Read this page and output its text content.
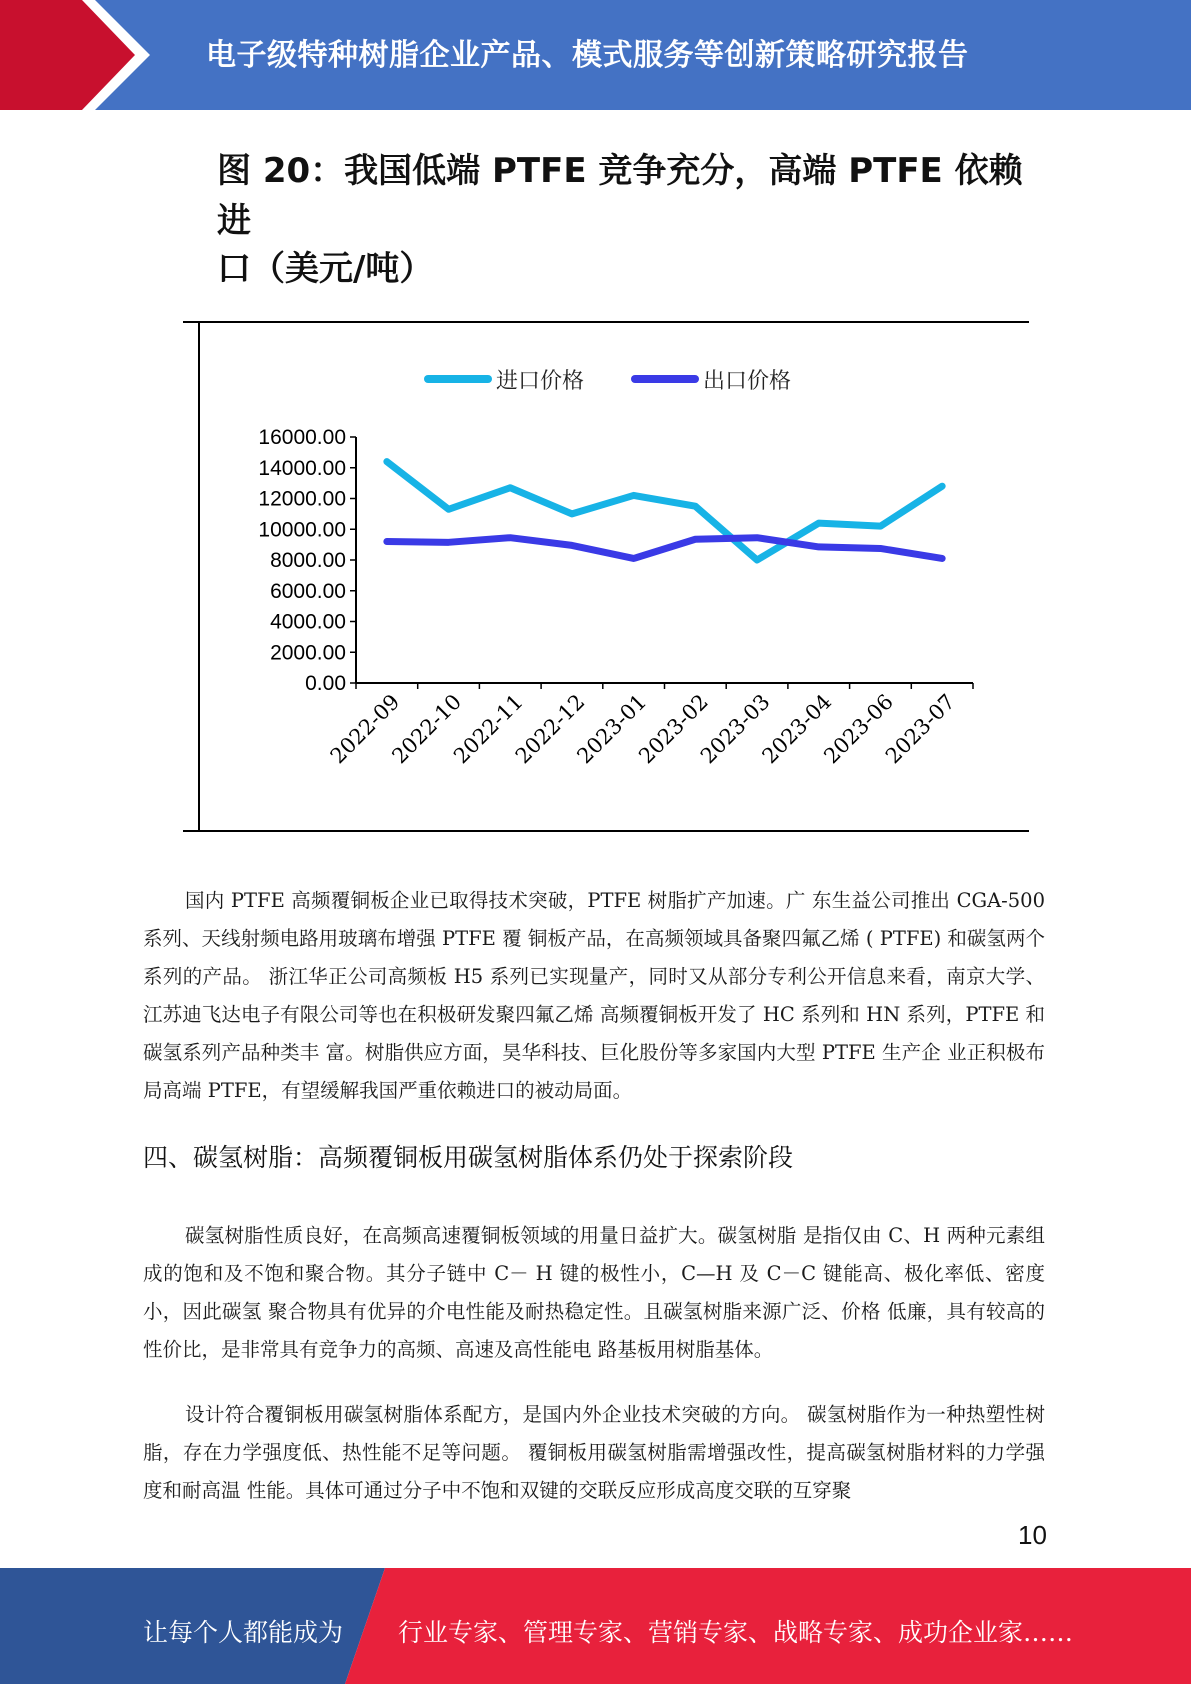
电子级特种树脂企业产品、模式服务等创新策略研究报告
图 20：我国低端 PTFE 竞争充分，高端 PTFE 依赖进
口（美元/吨）
16000.00
14000.00
12000.00
10000.00
8000.00
6000.00
4000.00
2000.00
0.00
2022-09
2022-10
2022-11
2022-12
2023-01
2023-02
2023-03
2023-04
2023-06
2023-07
进口价格	出口价格
国内 PTFE 高频覆铜板企业已取得技术突破，PTFE 树脂扩产加速。广 东生益公司推出 CGA-500 系列、天线射频电路用玻璃布增强 PTFE 覆 铜板产品，在高频领域具备聚四氟乙烯 ( PTFE) 和碳氢两个系列的产品。 浙江华正公司高频板 H5 系列已实现量产，同时又从部分专利公开信息来看，南京大学、江苏迪飞达电子有限公司等也在积极研发聚四氟乙烯 高频覆铜板开发了 HC 系列和 HN 系列，PTFE 和碳氢系列产品种类丰 富。树脂供应方面，昊华科技、巨化股份等多家国内大型 PTFE 生产企 业正积极布局高端 PTFE，有望缓解我国严重依赖进口的被动局面。
四、碳氢树脂：高频覆铜板用碳氢树脂体系仍处于探索阶段
碳氢树脂性质良好，在高频高速覆铜板领域的用量日益扩大。碳氢树脂 是指仅由 C、H 两种元素组成的饱和及不饱和聚合物。其分子链中 C－ H 键的极性小，C—H 及 C－C 键能高、极化率低、密度小，因此碳氢 聚合物具有优异的介电性能及耐热稳定性。且碳氢树脂来源广泛、价格 低廉，具有较高的性价比，是非常具有竞争力的高频、高速及高性能电 路基板用树脂基体。
设计符合覆铜板用碳氢树脂体系配方，是国内外企业技术突破的方向。 碳氢树脂作为一种热塑性树脂，存在力学强度低、热性能不足等问题。 覆铜板用碳氢树脂需增强改性，提高碳氢树脂材料的力学强度和耐高温 性能。具体可通过分子中不饱和双键的交联反应形成高度交联的互穿聚
10
让每个人都能成为 行业专家、管理专家、营销专家、战略专家、成功企业家……
